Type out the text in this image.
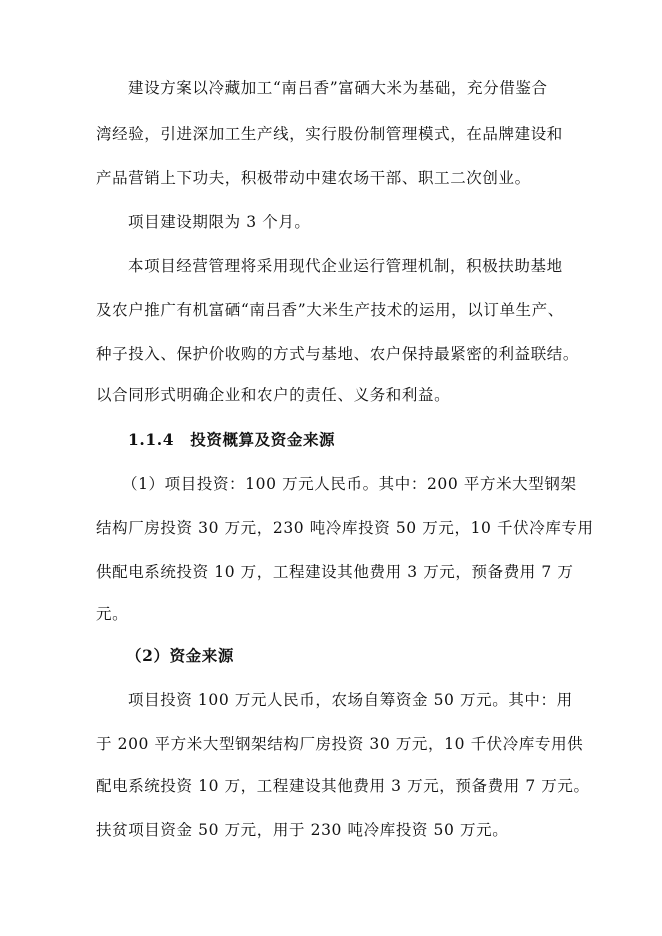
建设方案以冷藏加工“南吕香”富硒大米为基础，充分借鉴合
湾经验，引进深加工生产线，实行股份制管理模式，在品牌建设和
产品营销上下功夫，积极带动中建农场干部、职工二次创业。
项目建设期限为 3 个月。
本项目经营管理将采用现代企业运行管理机制，积极扶助基地
及农户推广有机富硒“南吕香”大米生产技术的运用，以订单生产、
种子投入、保护价收购的方式与基地、农户保持最紧密的利益联结。
以合同形式明确企业和农户的责任、义务和利益。
1.1.4　投资概算及资金来源
（1）项目投资：100 万元人民币。其中：200 平方米大型钢架
结构厂房投资 30 万元，230 吨冷库投资 50 万元，10 千伏冷库专用
供配电系统投资 10 万，工程建设其他费用 3 万元，预备费用 7 万
元。
（2）资金来源
项目投资 100 万元人民币，农场自筹资金 50 万元。其中：用
于 200 平方米大型钢架结构厂房投资 30 万元，10 千伏冷库专用供
配电系统投资 10 万，工程建设其他费用 3 万元，预备费用 7 万元。
扶贫项目资金 50 万元，用于 230 吨冷库投资 50 万元。
